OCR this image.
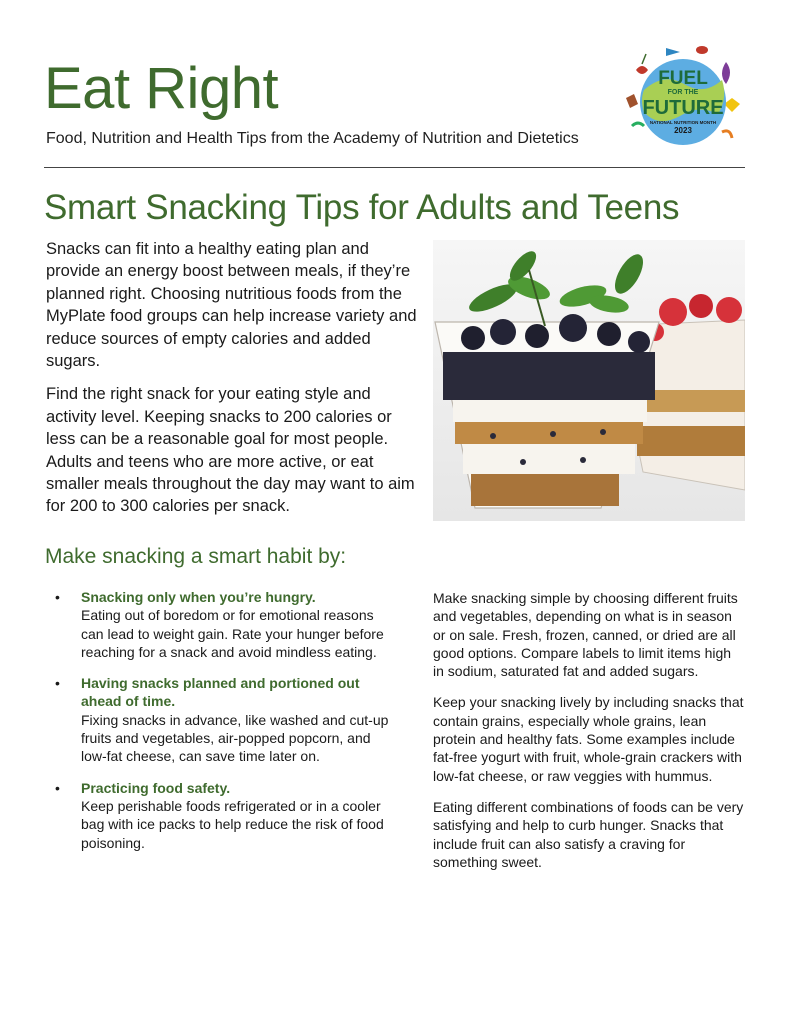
Eat Right
Food, Nutrition and Health Tips from the Academy of Nutrition and Dietetics
FUEL
FOR THE
FUTURE
NATIONAL NUTRITION MONTH
2023
Smart Snacking Tips for Adults and Teens

Snacks can fit into a healthy eating plan and provide an energy boost between meals, if they’re planned right. Choosing nutritious foods from the MyPlate food groups can help increase variety and reduce sources of empty calories and added sugars.

Find the right snack for your eating style and activity level. Keeping snacks to 200 calories or less can be a reasonable goal for most people. Adults and teens who are more active, or eat smaller meals throughout the day may want to aim for 200 to 300 calories per snack.

Make snacking a smart habit by:
• Snacking only when you’re hungry.
Eating out of boredom or for emotional reasons can lead to weight gain. Rate your hunger before reaching for a snack and avoid mindless eating.
• Having snacks planned and portioned out ahead of time.
Fixing snacks in advance, like washed and cut-up fruits and vegetables, air-popped popcorn, and low-fat cheese, can save time later on.
• Practicing food safety.
Keep perishable foods refrigerated or in a cooler bag with ice packs to help reduce the risk of food poisoning.

Make snacking simple by choosing different fruits and vegetables, depending on what is in season or on sale. Fresh, frozen, canned, or dried are all good options. Compare labels to limit items high in sodium, saturated fat and added sugars.

Keep your snacking lively by including snacks that contain grains, especially whole grains, lean protein and healthy fats. Some examples include fat-free yogurt with fruit, whole-grain crackers with low-fat cheese, or raw veggies with hummus.

Eating different combinations of foods can be very satisfying and help to curb hunger. Snacks that include fruit can also satisfy a craving for something sweet.
